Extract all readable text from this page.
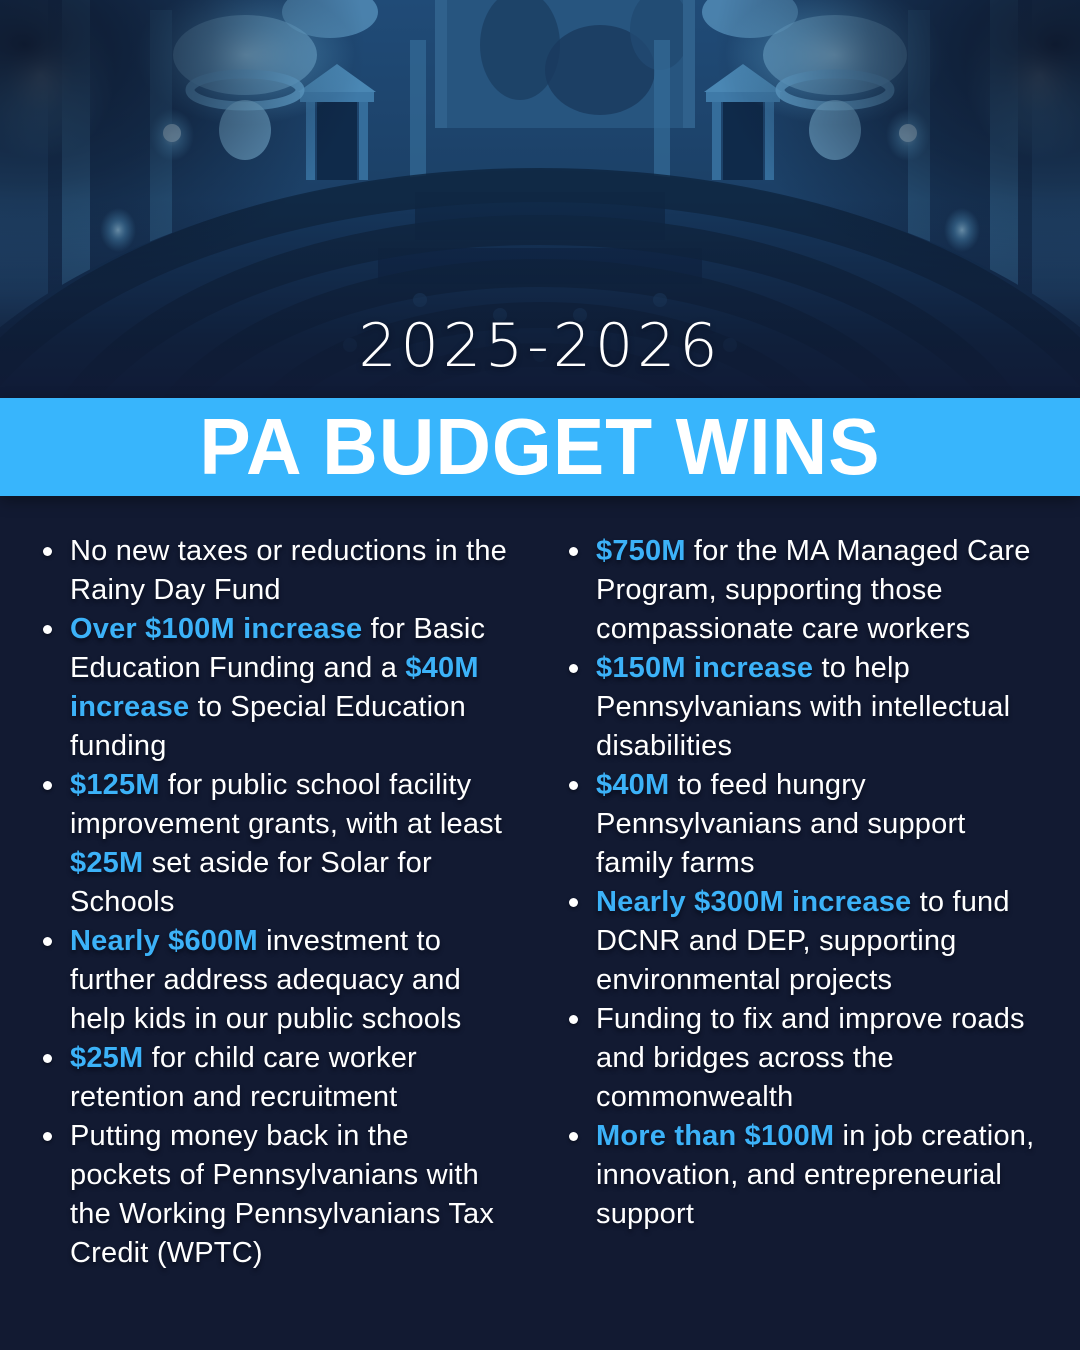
2025-2026
PA BUDGET WINS
No new taxes or reductions in the Rainy Day Fund
Over $100M increase for Basic Education Funding and a $40M increase to Special Education funding
$125M for public school facility improvement grants, with at least $25M set aside for Solar for Schools
Nearly $600M investment to further address adequacy and help kids in our public schools
$25M for child care worker retention and recruitment
Putting money back in the pockets of Pennsylvanians with the Working Pennsylvanians Tax Credit (WPTC)
$750M for the MA Managed Care Program, supporting those compassionate care workers
$150M increase to help Pennsylvanians with intellectual disabilities
$40M to feed hungry Pennsylvanians and support family farms
Nearly $300M increase to fund DCNR and DEP, supporting environmental projects
Funding to fix and improve roads and bridges across the commonwealth
More than $100M in job creation, innovation, and entrepreneurial support
